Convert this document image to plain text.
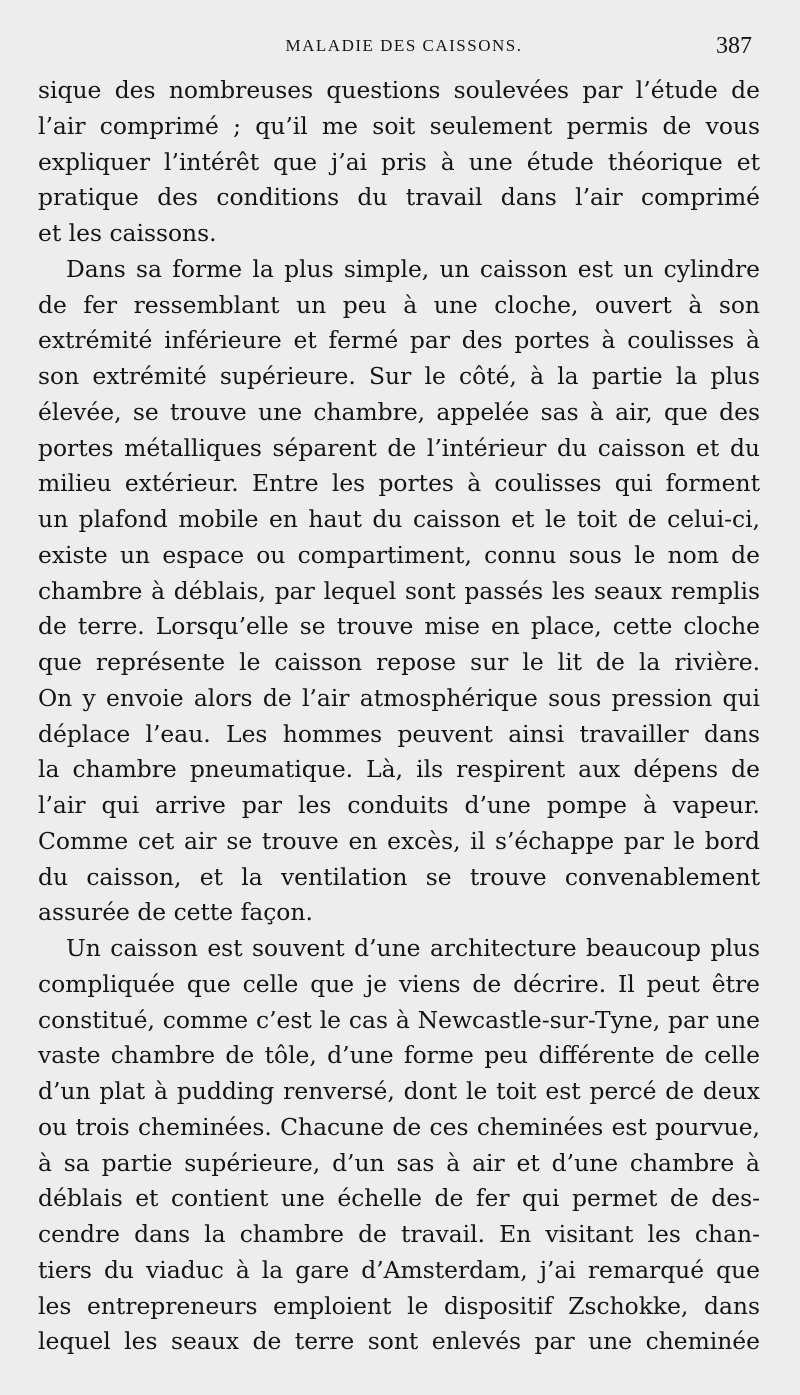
MALADIE DES CAISSONS.	387
sique des nombreuses questions soulevées par l’étude de
l’air comprimé ; qu’il me soit seulement permis de vous
expliquer l’intérêt que j’ai pris à une étude théorique et
pratique des conditions du travail dans l’air comprimé
et les caissons.
Dans sa forme la plus simple, un caisson est un cylindre
de fer ressemblant un peu à une cloche, ouvert à son
extrémité inférieure et fermé par des portes à coulisses à
son extrémité supérieure. Sur le côté, à la partie la plus
élevée, se trouve une chambre, appelée sas à air, que des
portes métalliques séparent de l’intérieur du caisson et du
milieu extérieur. Entre les portes à coulisses qui forment
un plafond mobile en haut du caisson et le toit de celui-ci,
existe un espace ou compartiment, connu sous le nom de
chambre à déblais, par lequel sont passés les seaux remplis
de terre. Lorsqu’elle se trouve mise en place, cette cloche
que représente le caisson repose sur le lit de la rivière.
On y envoie alors de l’air atmosphérique sous pression qui
déplace l’eau. Les hommes peuvent ainsi travailler dans
la chambre pneumatique. Là, ils respirent aux dépens de
l’air qui arrive par les conduits d’une pompe à vapeur.
Comme cet air se trouve en excès, il s’échappe par le bord
du caisson, et la ventilation se trouve convenablement
assurée de cette façon.
Un caisson est souvent d’une architecture beaucoup plus
compliquée que celle que je viens de décrire. Il peut être
constitué, comme c’est le cas à Newcastle-sur-Tyne, par une
vaste chambre de tôle, d’une forme peu différente de celle
d’un plat à pudding renversé, dont le toit est percé de deux
ou trois cheminées. Chacune de ces cheminées est pourvue,
à sa partie supérieure, d’un sas à air et d’une chambre à
déblais et contient une échelle de fer qui permet de des-
cendre dans la chambre de travail. En visitant les chan-
tiers du viaduc à la gare d’Amsterdam, j’ai remarqué que
les entrepreneurs emploient le dispositif Zschokke, dans
lequel les seaux de terre sont enlevés par une cheminée
